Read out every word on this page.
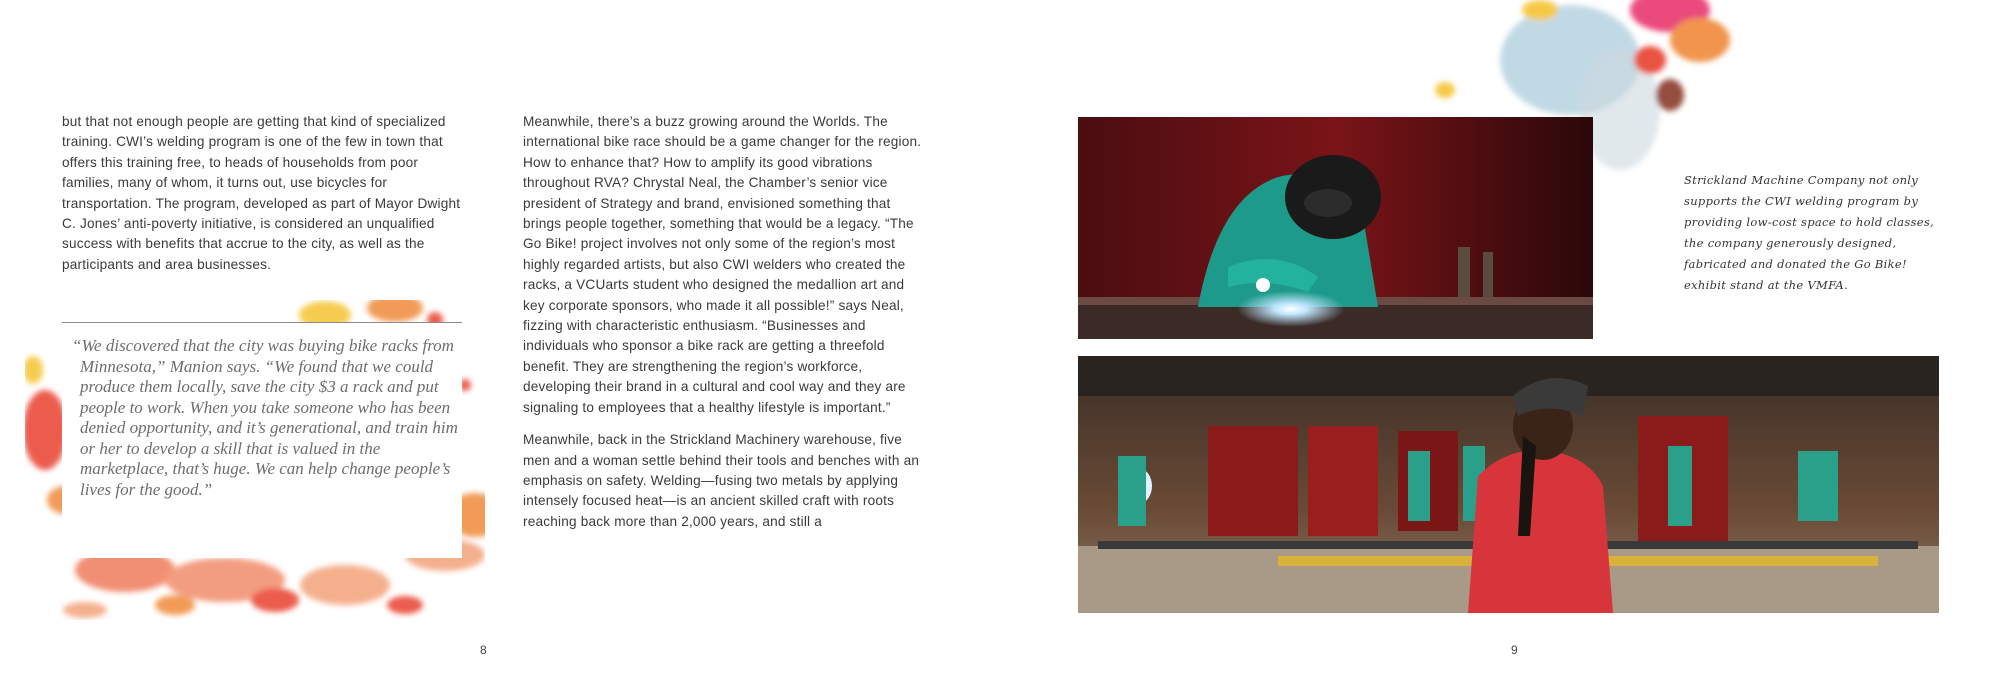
but that not enough people are getting that kind of specialized training. CWI’s welding program is one of the few in town that offers this training free, to heads of households from poor families, many of whom, it turns out, use bicycles for transportation. The program, developed as part of Mayor Dwight C. Jones’ anti-poverty initiative, is considered an unqualified success with benefits that accrue to the city, as well as the participants and area businesses.

“We discovered that the city was buying bike racks from Minnesota,” Manion says. “We found that we could produce them locally, save the city $3 a rack and put people to work. When you take someone who has been denied opportunity, and it’s generational, and train him or her to develop a skill that is valued in the marketplace, that’s huge. We can help change people’s lives for the good.”

Meanwhile, there’s a buzz growing around the Worlds. The international bike race should be a game changer for the region. How to enhance that? How to amplify its good vibrations throughout RVA? Chrystal Neal, the Chamber’s senior vice president of Strategy and brand, envisioned something that brings people together, something that would be a legacy. “The Go Bike! project involves not only some of the region’s most highly regarded artists, but also CWI welders who created the racks, a VCUarts student who designed the medallion art and key corporate sponsors, who made it all possible!” says Neal, fizzing with characteristic enthusiasm. “Businesses and individuals who sponsor a bike rack are getting a threefold benefit. They are strengthening the region’s workforce, developing their brand in a cultural and cool way and they are signaling to employees that a healthy lifestyle is important.”

Meanwhile, back in the Strickland Machinery warehouse, five men and a woman settle behind their tools and benches with an emphasis on safety. Welding—fusing two metals by applying intensely focused heat—is an ancient skilled craft with roots reaching back more than 2,000 years, and still a

8
Strickland Machine Company not only supports the CWI welding program by providing low-cost space to hold classes, the company generously designed, fabricated and donated the Go Bike! exhibit stand at the VMFA.
9
